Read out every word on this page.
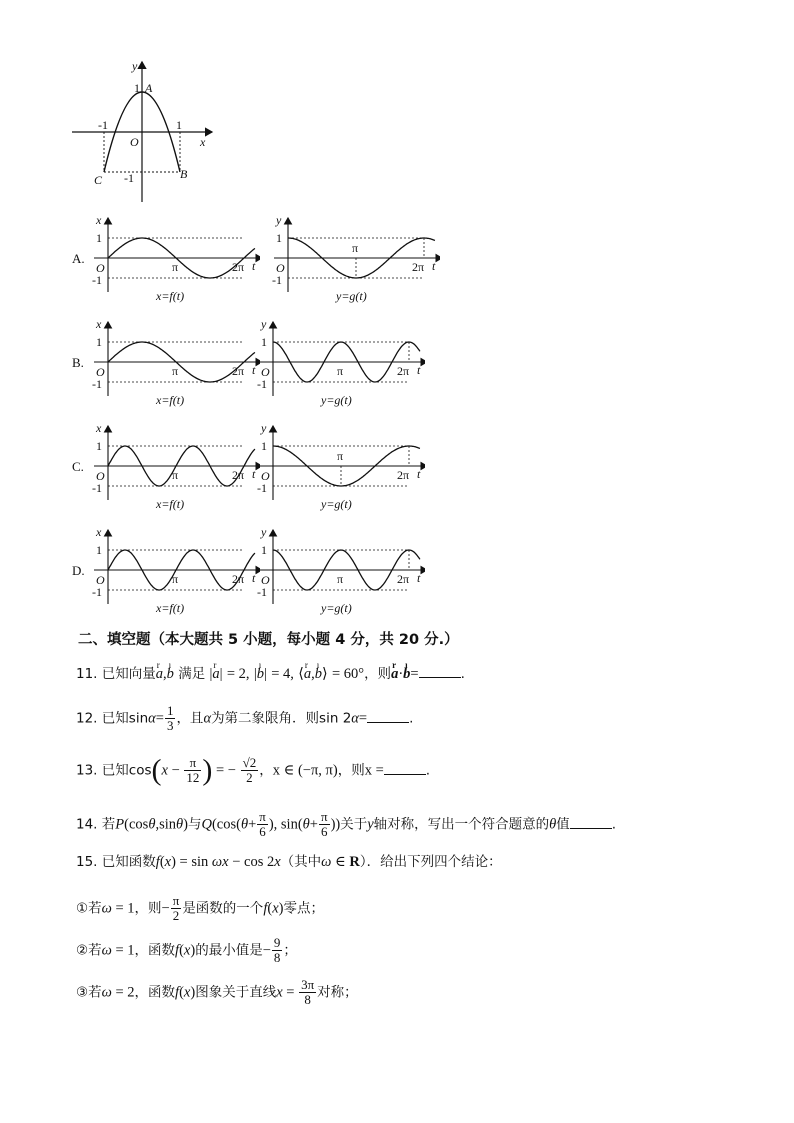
y
x
1 A
-1	1
O
-1
C	B
A.
B.
C.
D.
x
1
O
-1
π	2π t
x=f(t)
y
1
O
-1
π
2π t
y=g(t)
x
1
O
-1
π	2π t
x=f(t)
y
1
O
-1
π	2π t
y=g(t)
x
1
O
-1
π	2π t
x=f(t)
y
1
O
-1
π
2π t
y=g(t)
x
1
O
-1
π	2π t
x=f(t)
y
1
O
-1
π	2π t
y=g(t)
二、填空题（本大题共 5 小题，每小题 4 分，共 20 分.）
11. 已知向量r a,ı b 满足 |r a| = 2, |ı b| = 4, ⟨r a,ı b⟩ = 60°，则r a·ı b=	.
12. 已知$\sin\alpha= \frac{1}{3}$ ，且α为第二象限角．则sin 2α=	.
13. 已知$\cos(x - \frac{\pi}{12}$ ) = − $\frac{√2}{2}$ ，x ∈ (−π, π)，则x =	.
14. 若P(cosθ,sinθ)与$Q(\cos(\theta+ \frac{\pi}{6}$ ), $\sin(\theta+ \frac{\pi}{6}$ ))关于y轴对称，写出一个符合题意的θ值	.
15. 已知函数f(x) = sin ωx − cos 2x（其中ω ∈ R）．给出下列四个结论：
①若ω = 1，则− $\frac{\pi}{2}$ 是函数的一个f(x)零点；
②若ω = 1，函数f(x)的最小值是− $\frac{9}{8}$ ；
③若ω = 2，函数f(x)图象关于直线$x = \frac{3\pi}{8}$ 对称；
